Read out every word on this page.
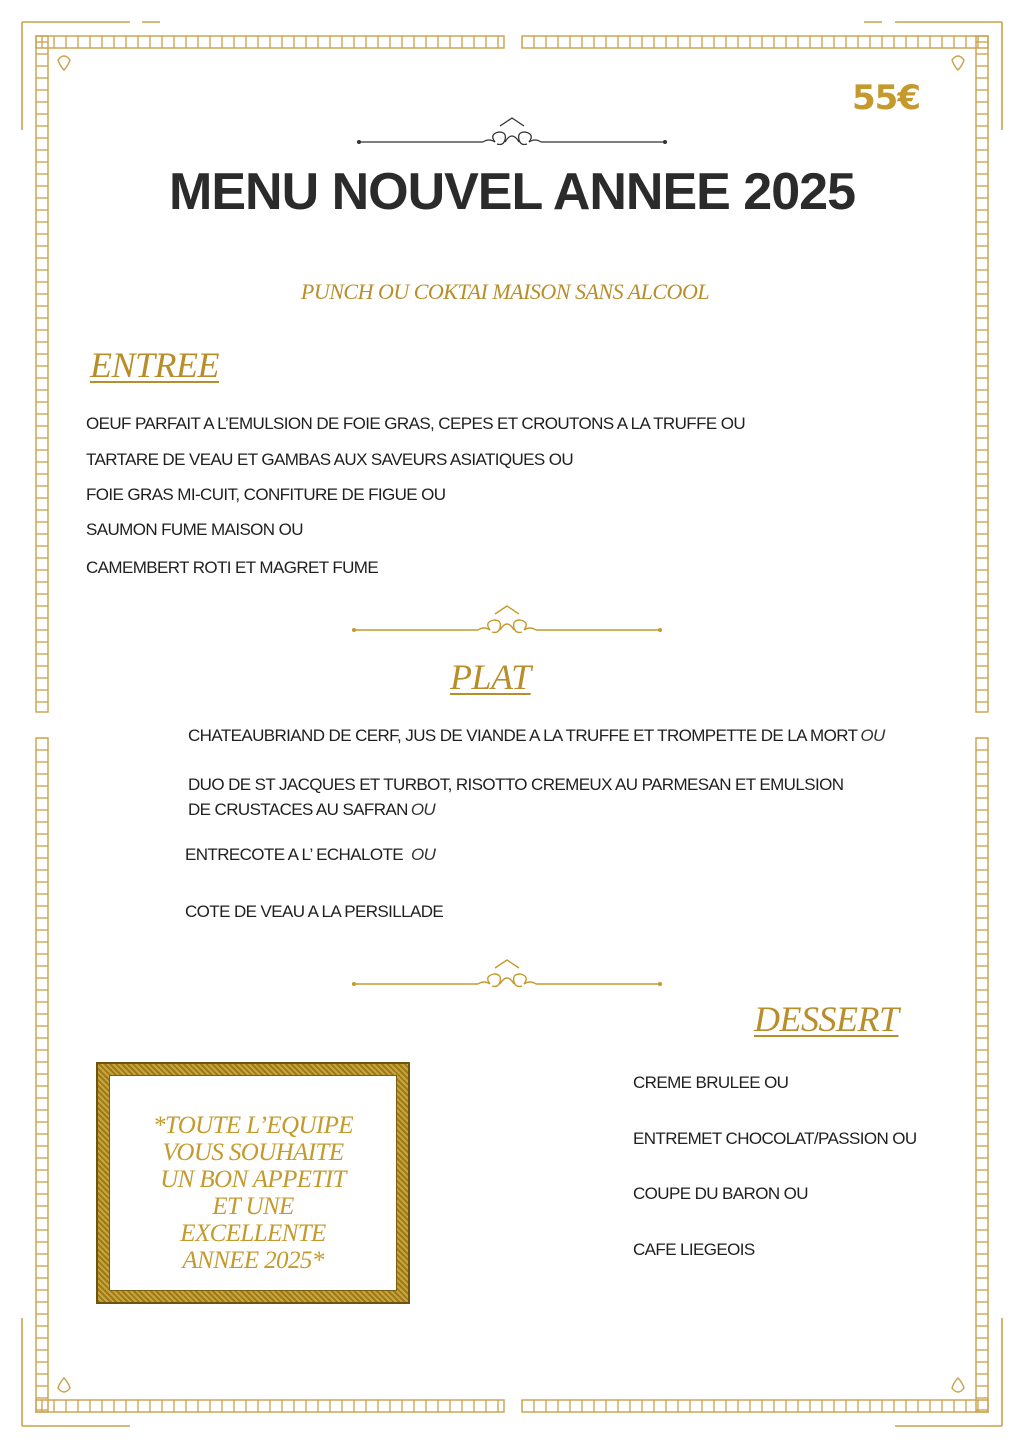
55€
MENU NOUVEL ANNEE 2025
PUNCH OU COKTAI MAISON SANS ALCOOL
ENTREE
OEUF PARFAIT A L’EMULSION DE FOIE GRAS, CEPES ET CROUTONS A LA TRUFFE OU
TARTARE DE VEAU ET GAMBAS AUX SAVEURS ASIATIQUES OU
FOIE GRAS MI-CUIT, CONFITURE DE FIGUE OU
SAUMON FUME MAISON OU
CAMEMBERT ROTI ET MAGRET FUME
PLAT
CHATEAUBRIAND DE CERF, JUS DE VIANDE A LA TRUFFE ET TROMPETTE DE LA MORT OU
DUO DE ST JACQUES ET TURBOT, RISOTTO CREMEUX AU PARMESAN ET EMULSION
DE CRUSTACES AU SAFRAN OU
ENTRECOTE A L’ ECHALOTE OU
COTE DE VEAU A LA PERSILLADE
DESSERT
CREME BRULEE OU
ENTREMET CHOCOLAT/PASSION OU
COUPE DU BARON OU
CAFE LIEGEOIS
*TOUTE L’EQUIPE
VOUS SOUHAITE
UN BON APPETIT
ET UNE
EXCELLENTE
ANNEE 2025*
